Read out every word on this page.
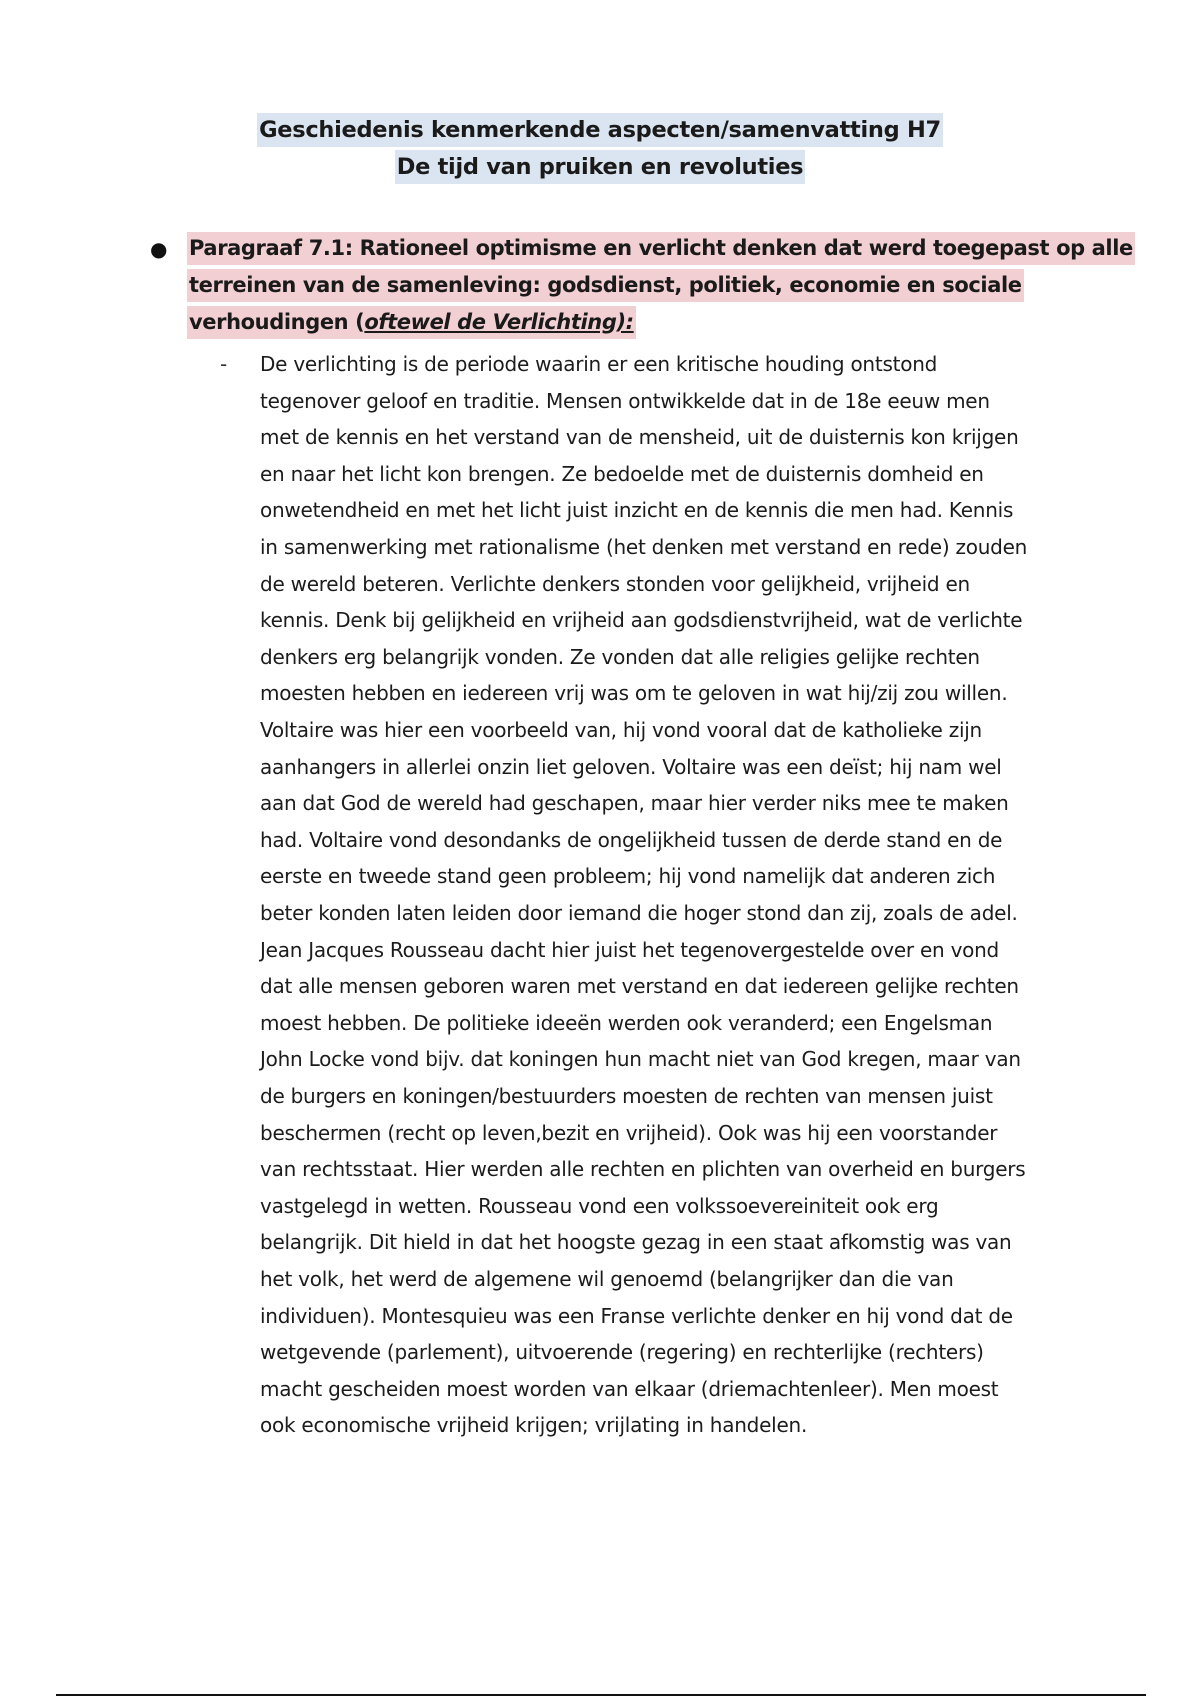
Geschiedenis kenmerkende aspecten/samenvatting H7
De tijd van pruiken en revoluties
● Paragraaf 7.1: Rationeel optimisme en verlicht denken dat werd toegepast op alle
terreinen van de samenleving: godsdienst, politiek, economie en sociale
verhoudingen (oftewel de Verlichting):
- De verlichting is de periode waarin er een kritische houding ontstond
tegenover geloof en traditie. Mensen ontwikkelde dat in de 18e eeuw men
met de kennis en het verstand van de mensheid, uit de duisternis kon krijgen
en naar het licht kon brengen. Ze bedoelde met de duisternis domheid en
onwetendheid en met het licht juist inzicht en de kennis die men had. Kennis
in samenwerking met rationalisme (het denken met verstand en rede) zouden
de wereld beteren. Verlichte denkers stonden voor gelijkheid, vrijheid en
kennis. Denk bij gelijkheid en vrijheid aan godsdienstvrijheid, wat de verlichte
denkers erg belangrijk vonden. Ze vonden dat alle religies gelijke rechten
moesten hebben en iedereen vrij was om te geloven in wat hij/zij zou willen.
Voltaire was hier een voorbeeld van, hij vond vooral dat de katholieke zijn
aanhangers in allerlei onzin liet geloven. Voltaire was een deïst; hij nam wel
aan dat God de wereld had geschapen, maar hier verder niks mee te maken
had. Voltaire vond desondanks de ongelijkheid tussen de derde stand en de
eerste en tweede stand geen probleem; hij vond namelijk dat anderen zich
beter konden laten leiden door iemand die hoger stond dan zij, zoals de adel.
Jean Jacques Rousseau dacht hier juist het tegenovergestelde over en vond
dat alle mensen geboren waren met verstand en dat iedereen gelijke rechten
moest hebben. De politieke ideeën werden ook veranderd; een Engelsman
John Locke vond bijv. dat koningen hun macht niet van God kregen, maar van
de burgers en koningen/bestuurders moesten de rechten van mensen juist
beschermen (recht op leven,bezit en vrijheid). Ook was hij een voorstander
van rechtsstaat. Hier werden alle rechten en plichten van overheid en burgers
vastgelegd in wetten. Rousseau vond een volkssoevereiniteit ook erg
belangrijk. Dit hield in dat het hoogste gezag in een staat afkomstig was van
het volk, het werd de algemene wil genoemd (belangrijker dan die van
individuen). Montesquieu was een Franse verlichte denker en hij vond dat de
wetgevende (parlement), uitvoerende (regering) en rechterlijke (rechters)
macht gescheiden moest worden van elkaar (driemachtenleer). Men moest
ook economische vrijheid krijgen; vrijlating in handelen.
